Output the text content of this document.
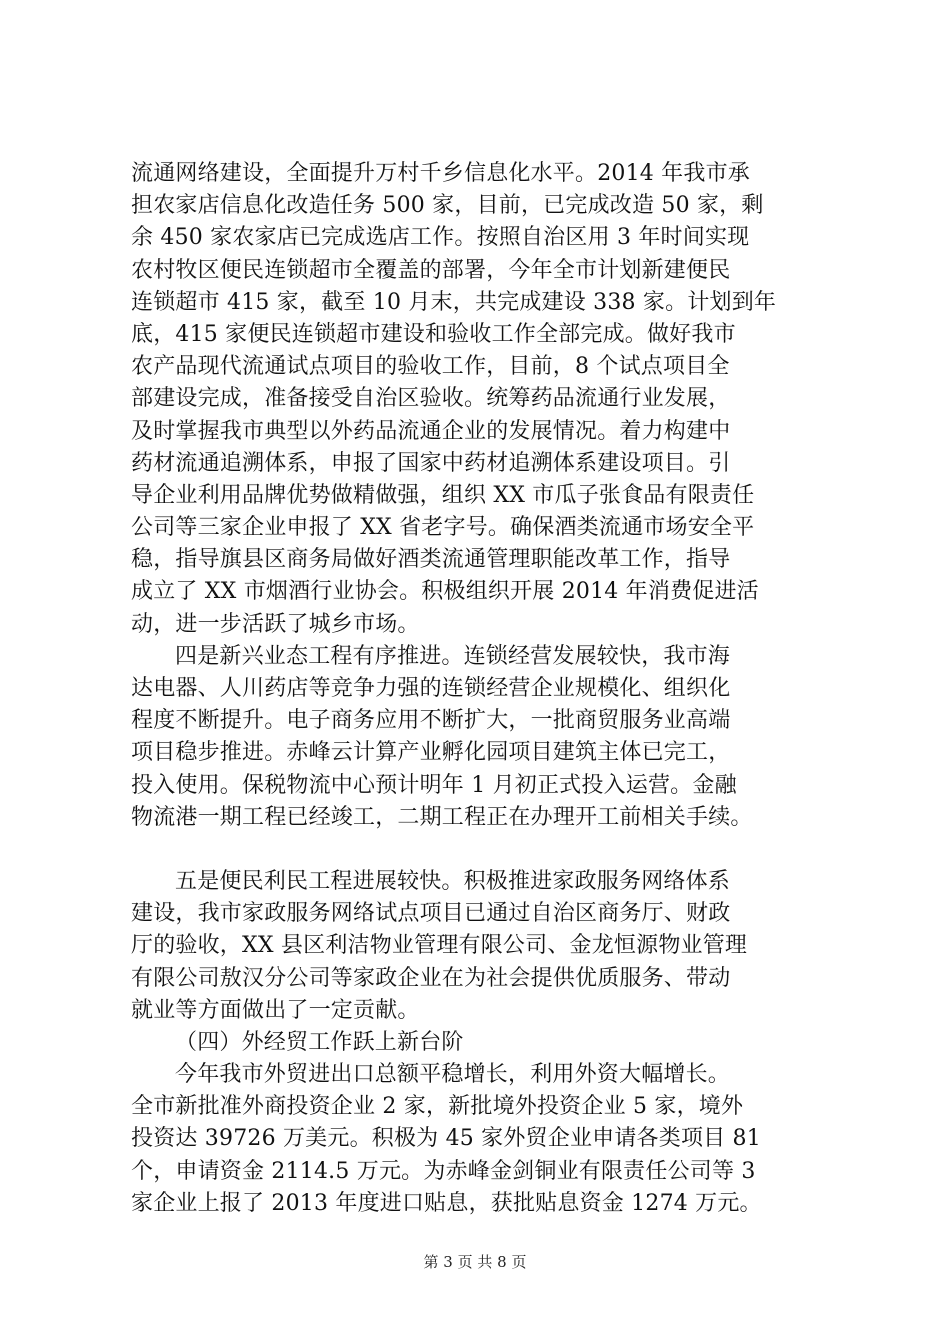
流通网络建设，全面提升万村千乡信息化水平。2014 年我市承
担农家店信息化改造任务 500 家，目前，已完成改造 50 家，剩
余 450 家农家店已完成选店工作。按照自治区用 3 年时间实现
农村牧区便民连锁超市全覆盖的部署，今年全市计划新建便民
连锁超市 415 家，截至 10 月末，共完成建设 338 家。计划到年
底，415 家便民连锁超市建设和验收工作全部完成。做好我市
农产品现代流通试点项目的验收工作，目前，8 个试点项目全
部建设完成，准备接受自治区验收。统筹药品流通行业发展，
及时掌握我市典型以外药品流通企业的发展情况。着力构建中
药材流通追溯体系，申报了国家中药材追溯体系建设项目。引
导企业利用品牌优势做精做强，组织 XX 市瓜子张食品有限责任
公司等三家企业申报了 XX 省老字号。确保酒类流通市场安全平
稳，指导旗县区商务局做好酒类流通管理职能改革工作，指导
成立了 XX 市烟酒行业协会。积极组织开展 2014 年消费促进活
动，进一步活跃了城乡市场。
四是新兴业态工程有序推进。连锁经营发展较快，我市海
达电器、人川药店等竞争力强的连锁经营企业规模化、组织化
程度不断提升。电子商务应用不断扩大，一批商贸服务业高端
项目稳步推进。赤峰云计算产业孵化园项目建筑主体已完工，
投入使用。保税物流中心预计明年 1 月初正式投入运营。金融
物流港一期工程已经竣工，二期工程正在办理开工前相关手续。
五是便民利民工程进展较快。积极推进家政服务网络体系
建设，我市家政服务网络试点项目已通过自治区商务厅、财政
厅的验收，XX 县区利洁物业管理有限公司、金龙恒源物业管理
有限公司敖汉分公司等家政企业在为社会提供优质服务、带动
就业等方面做出了一定贡献。
（四）外经贸工作跃上新台阶
今年我市外贸进出口总额平稳增长，利用外资大幅增长。
全市新批准外商投资企业 2 家，新批境外投资企业 5 家，境外
投资达 39726 万美元。积极为 45 家外贸企业申请各类项目 81
个，申请资金 2114.5 万元。为赤峰金剑铜业有限责任公司等 3
家企业上报了 2013 年度进口贴息，获批贴息资金 1274 万元。
第 3 页 共 8 页
